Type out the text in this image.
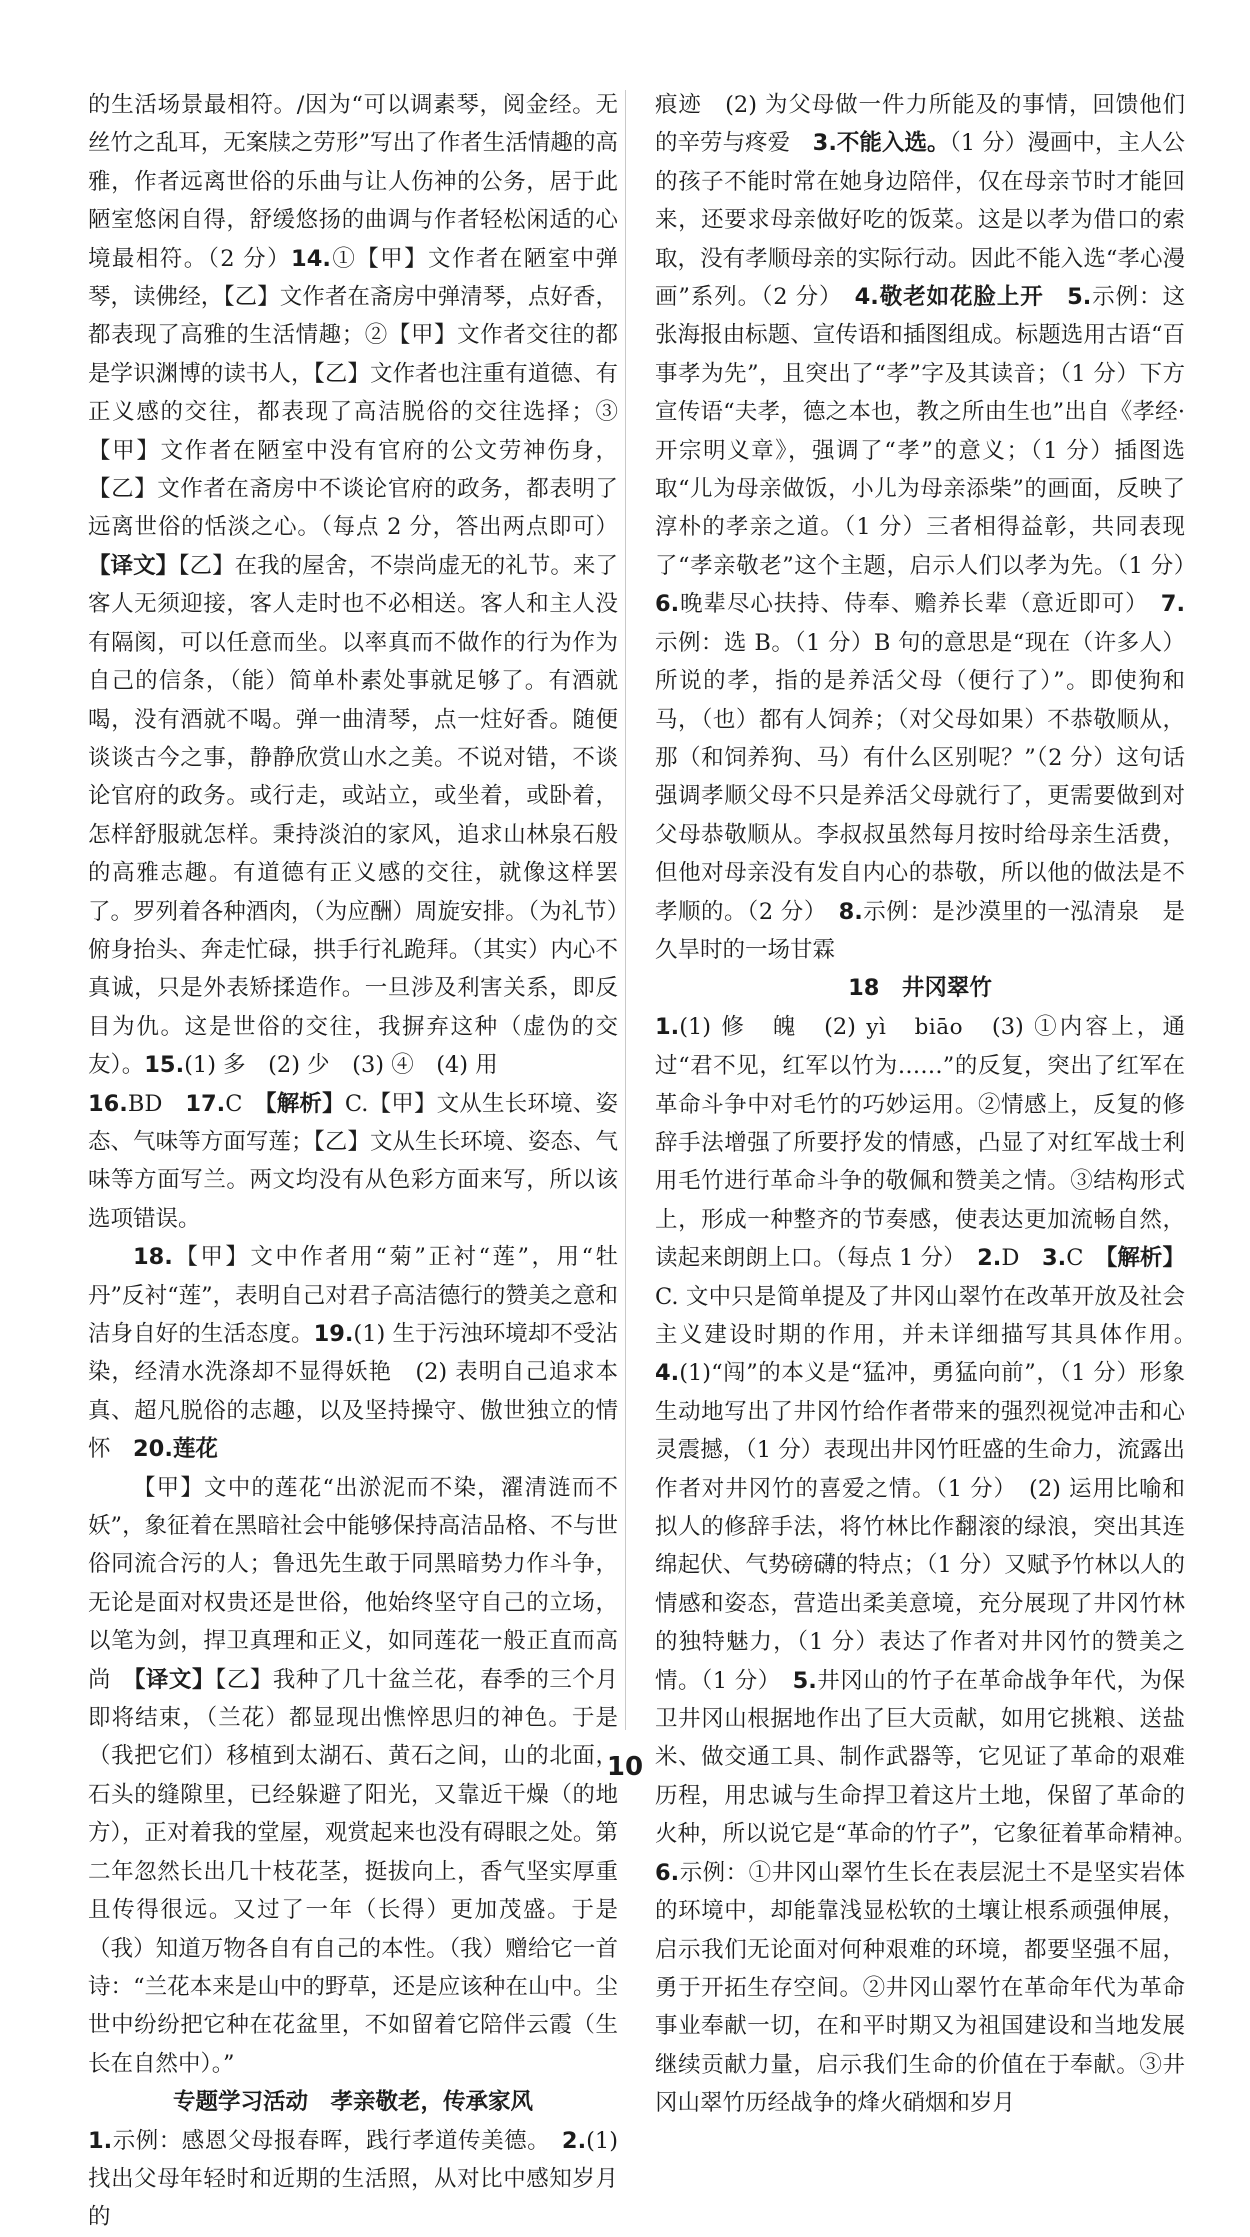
的生活场景最相符。/因为“可以调素琴，阅金经。无丝竹之乱耳，无案牍之劳形”写出了作者生活情趣的高雅，作者远离世俗的乐曲与让人伤神的公务，居于此陋室悠闲自得，舒缓悠扬的曲调与作者轻松闲适的心境最相符。（2 分）14.①【甲】文作者在陋室中弹琴，读佛经，【乙】文作者在斋房中弹清琴，点好香，都表现了高雅的生活情趣；②【甲】文作者交往的都是学识渊博的读书人，【乙】文作者也注重有道德、有正义感的交往，都表现了高洁脱俗的交往选择；③【甲】文作者在陋室中没有官府的公文劳神伤身，【乙】文作者在斋房中不谈论官府的政务，都表明了远离世俗的恬淡之心。（每点 2 分，答出两点即可）【译文】【乙】在我的屋舍，不崇尚虚无的礼节。来了客人无须迎接，客人走时也不必相送。客人和主人没有隔阂，可以任意而坐。以率真而不做作的行为作为自己的信条，（能）简单朴素处事就足够了。有酒就喝，没有酒就不喝。弹一曲清琴，点一炷好香。随便谈谈古今之事，静静欣赏山水之美。不说对错，不谈论官府的政务。或行走，或站立，或坐着，或卧着，怎样舒服就怎样。秉持淡泊的家风，追求山林泉石般的高雅志趣。有道德有正义感的交往，就像这样罢了。罗列着各种酒肉，（为应酬）周旋安排。（为礼节）俯身抬头、奔走忙碌，拱手行礼跪拜。（其实）内心不真诚，只是外表矫揉造作。一旦涉及利害关系，即反目为仇。这是世俗的交往，我摒弃这种（虚伪的交友）。15.(1) 多　(2) 少　(3) ④　(4) 用

16.BD　17.C　【解析】C.【甲】文从生长环境、姿态、气味等方面写莲；【乙】文从生长环境、姿态、气味等方面写兰。两文均没有从色彩方面来写，所以该选项错误。

18.【甲】文中作者用“菊”正衬“莲”，用“牡丹”反衬“莲”，表明自己对君子高洁德行的赞美之意和洁身自好的生活态度。19.(1) 生于污浊环境却不受沾染，经清水洗涤却不显得妖艳　(2) 表明自己追求本真、超凡脱俗的志趣，以及坚持操守、傲世独立的情怀　20.莲花

【甲】文中的莲花“出淤泥而不染，濯清涟而不妖”，象征着在黑暗社会中能够保持高洁品格、不与世俗同流合污的人；鲁迅先生敢于同黑暗势力作斗争，无论是面对权贵还是世俗，他始终坚守自己的立场，以笔为剑，捍卫真理和正义，如同莲花一般正直而高尚　【译文】【乙】我种了几十盆兰花，春季的三个月即将结束，（兰花）都显现出憔悴思归的神色。于是（我把它们）移植到太湖石、黄石之间，山的北面，石头的缝隙里，已经躲避了阳光，又靠近干燥（的地方），正对着我的堂屋，观赏起来也没有碍眼之处。第二年忽然长出几十枝花茎，挺拔向上，香气坚实厚重且传得很远。又过了一年（长得）更加茂盛。于是（我）知道万物各自有自己的本性。（我）赠给它一首诗：“兰花本来是山中的野草，还是应该种在山中。尘世中纷纷把它种在花盆里，不如留着它陪伴云霞（生长在自然中）。”

专题学习活动　孝亲敬老，传承家风

1.示例：感恩父母报春晖，践行孝道传美德。　2.(1) 找出父母年轻时和近期的生活照，从对比中感知岁月的

痕迹　(2) 为父母做一件力所能及的事情，回馈他们的辛劳与疼爱　3.不能入选。（1 分）漫画中，主人公的孩子不能时常在她身边陪伴，仅在母亲节时才能回来，还要求母亲做好吃的饭菜。这是以孝为借口的索取，没有孝顺母亲的实际行动。因此不能入选“孝心漫画”系列。（2 分）　4.敬老如花脸上开　5.示例：这张海报由标题、宣传语和插图组成。标题选用古语“百事孝为先”，且突出了“孝”字及其读音；（1 分）下方宣传语“夫孝，德之本也，教之所由生也”出自《孝经·开宗明义章》，强调了“孝”的意义；（1 分）插图选取“儿为母亲做饭，小儿为母亲添柴”的画面，反映了淳朴的孝亲之道。（1 分）三者相得益彰，共同表现了“孝亲敬老”这个主题，启示人们以孝为先。（1 分）　6.晚辈尽心扶持、侍奉、赡养长辈（意近即可）　7.示例：选 B。（1 分）B 句的意思是“现在（许多人）所说的孝，指的是养活父母（便行了）”。即使狗和马，（也）都有人饲养；（对父母如果）不恭敬顺从，那（和饲养狗、马）有什么区别呢？”（2 分）这句话强调孝顺父母不只是养活父母就行了，更需要做到对父母恭敬顺从。李叔叔虽然每月按时给母亲生活费，但他对母亲没有发自内心的恭敬，所以他的做法是不孝顺的。（2 分）　8.示例：是沙漠里的一泓清泉　是久旱时的一场甘霖

18　井冈翠竹

1.(1) 修　魄　(2) yì　biāo　(3) ①内容上，通过“君不见，红军以竹为……”的反复，突出了红军在革命斗争中对毛竹的巧妙运用。②情感上，反复的修辞手法增强了所要抒发的情感，凸显了对红军战士利用毛竹进行革命斗争的敬佩和赞美之情。③结构形式上，形成一种整齐的节奏感，使表达更加流畅自然，读起来朗朗上口。（每点 1 分）　2.D　3.C　【解析】C. 文中只是简单提及了井冈山翠竹在改革开放及社会主义建设时期的作用，并未详细描写其具体作用。　4.(1)“闯”的本义是“猛冲，勇猛向前”，（1 分）形象生动地写出了井冈竹给作者带来的强烈视觉冲击和心灵震撼，（1 分）表现出井冈竹旺盛的生命力，流露出作者对井冈竹的喜爱之情。（1 分）　(2) 运用比喻和拟人的修辞手法，将竹林比作翻滚的绿浪，突出其连绵起伏、气势磅礴的特点；（1 分）又赋予竹林以人的情感和姿态，营造出柔美意境，充分展现了井冈竹林的独特魅力，（1 分）表达了作者对井冈竹的赞美之情。（1 分）　5.井冈山的竹子在革命战争年代，为保卫井冈山根据地作出了巨大贡献，如用它挑粮、送盐米、做交通工具、制作武器等，它见证了革命的艰难历程，用忠诚与生命捍卫着这片土地，保留了革命的火种，所以说它是“革命的竹子”，它象征着革命精神。　6.示例：①井冈山翠竹生长在表层泥土不是坚实岩体的环境中，却能靠浅显松软的土壤让根系顽强伸展，启示我们无论面对何种艰难的环境，都要坚强不屈，勇于开拓生存空间。②井冈山翠竹在革命年代为革命事业奉献一切，在和平时期又为祖国建设和当地发展继续贡献力量，启示我们生命的价值在于奉献。③井冈山翠竹历经战争的烽火硝烟和岁月

10
